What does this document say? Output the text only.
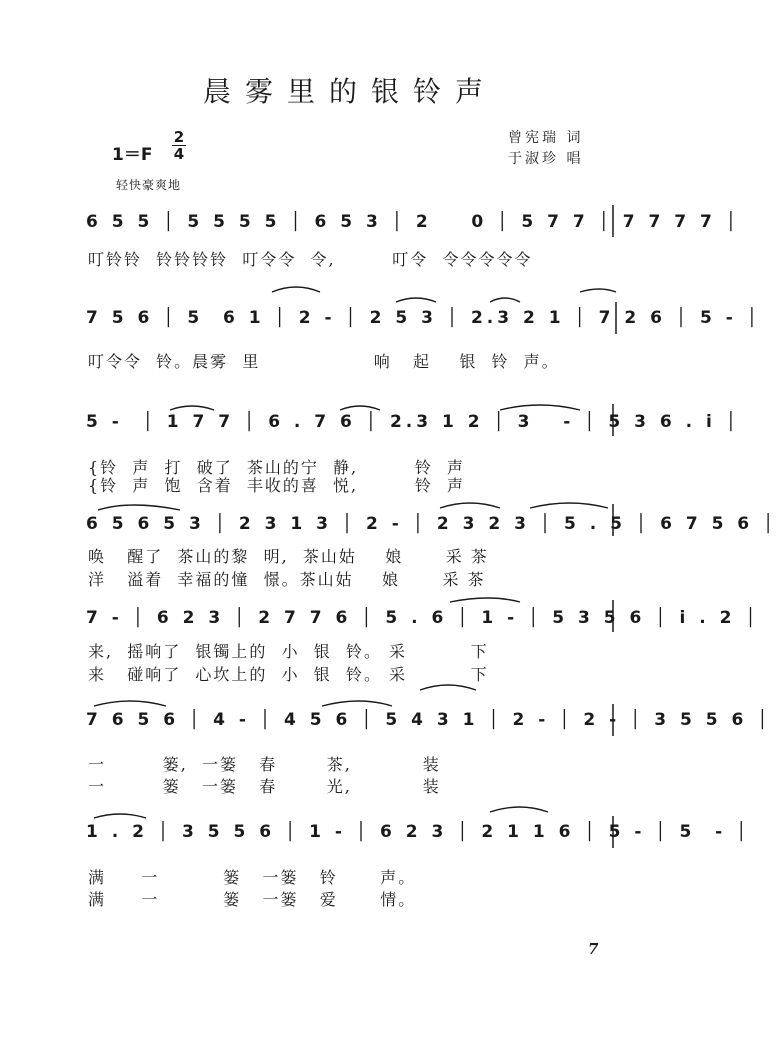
晨雾里的银铃声
1＝F
2
4
曾宪瑞 词
于淑珍 唱
轻快豪爽地
6 5 5 │ 5 5 5 5 │ 6 5 3 │ 2    0 │ 5 7 7 │ 7 7 7 7 │
叮铃铃  铃铃铃铃  叮令令  令,        叮令  令令令令令
7 5 6 │ 5  6 1 │ 2 - │ 2 5 3 │ 2.3 2 1 │ 7 2 6 │ 5 - │
叮令令  铃。晨雾  里                响   起    银  铃  声。
5 -  │ 1 7 7 │ 6 . 7 6 │ 2.3 1 2 │ 3   - │ 5 3 6 . i │
{铃  声  打  破了  茶山的宁  静,        铃  声
{铃  声  饱  含着  丰收的喜  悦,        铃  声
6 5 6 5 3 │ 2 3 1 3 │ 2 - │ 2 3 2 3 │ 5 . 5 │ 6 7 5 6 │
唤   醒了  茶山的黎  明,  茶山姑    娘      采 茶
洋   溢着  幸福的憧  憬。茶山姑    娘      采 茶
7 - │ 6 2 3 │ 2 7 7 6 │ 5 . 6 │ 1 - │ 5 3 5 6 │ i . 2 │
来,  摇响了  银镯上的  小  银  铃。 采         下
来   碰响了  心坎上的  小  银  铃。 采         下
7 6 5 6 │ 4 - │ 4 5 6 │ 5 4 3 1 │ 2 - │ 2 - │ 3 5 5 6 │
一        篓,  一篓   春       茶,          装
一        篓   一篓   春       光,          装
1 . 2 │ 3 5 5 6 │ 1 - │ 6 2 3 │ 2 1 1 6 │ 5 - │ 5  - │
满     一         篓   一篓   铃      声。
满     一         篓   一篓   爱      情。
7
